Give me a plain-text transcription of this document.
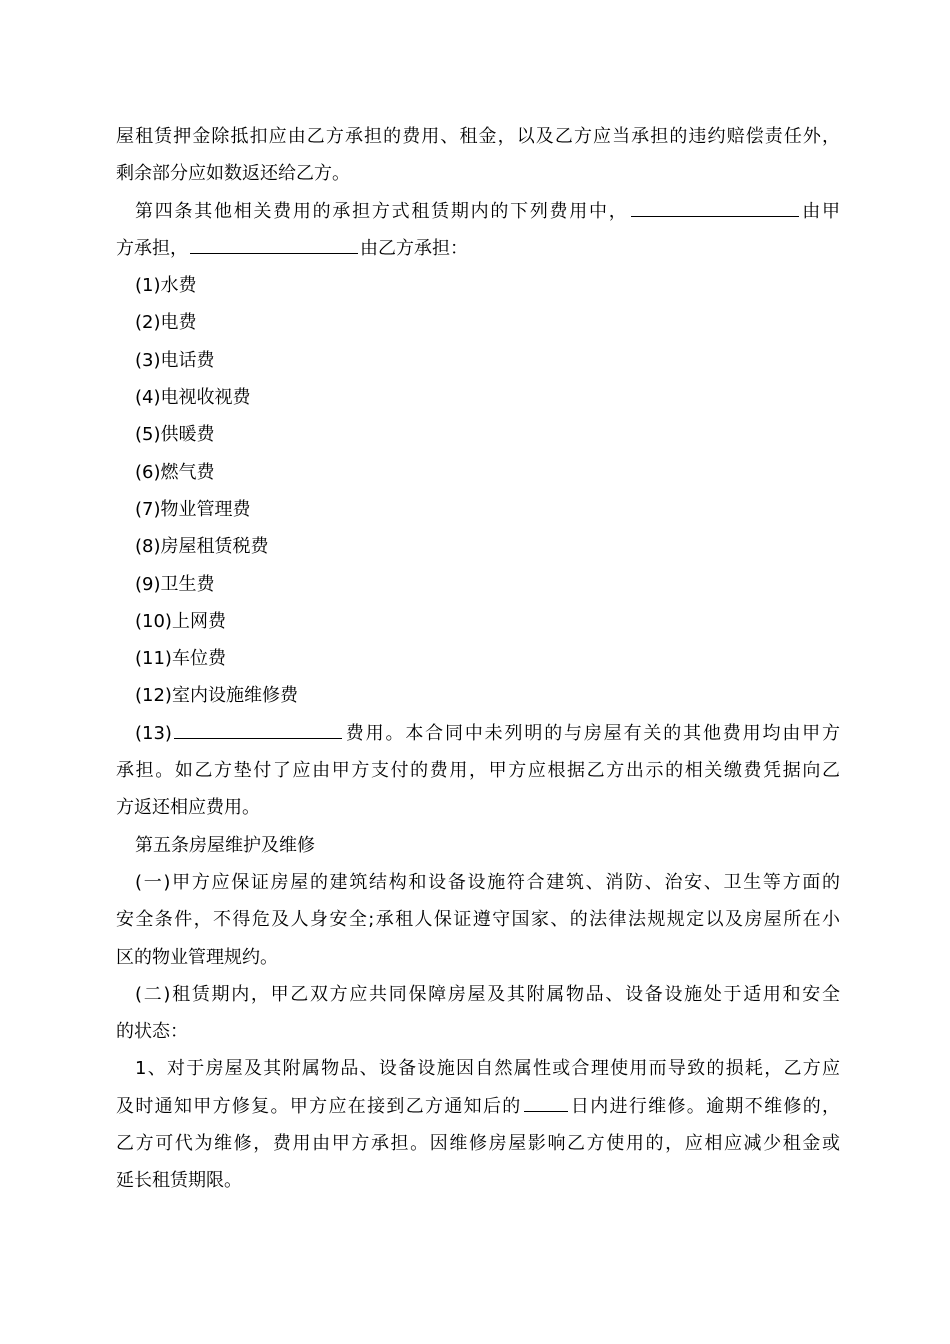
屋租赁押金除抵扣应由乙方承担的费用、租金，以及乙方应当承担的违约赔偿责任外，
剩余部分应如数返还给乙方。
第四条其他相关费用的承担方式租赁期内的下列费用中，	由甲
方承担，	由乙方承担：
(1)水费
(2)电费
(3)电话费
(4)电视收视费
(5)供暖费
(6)燃气费
(7)物业管理费
(8)房屋租赁税费
(9)卫生费
(10)上网费
(11)车位费
(12)室内设施维修费
(13)	费用。本合同中未列明的与房屋有关的其他费用均由甲方
承担。如乙方垫付了应由甲方支付的费用，甲方应根据乙方出示的相关缴费凭据向乙
方返还相应费用。
第五条房屋维护及维修
(一)甲方应保证房屋的建筑结构和设备设施符合建筑、消防、治安、卫生等方面的
安全条件，不得危及人身安全;承租人保证遵守国家、的法律法规规定以及房屋所在小
区的物业管理规约。
(二)租赁期内，甲乙双方应共同保障房屋及其附属物品、设备设施处于适用和安全
的状态：
1、对于房屋及其附属物品、设备设施因自然属性或合理使用而导致的损耗，乙方应
及时通知甲方修复。甲方应在接到乙方通知后的	日内进行维修。逾期不维修的，
乙方可代为维修，费用由甲方承担。因维修房屋影响乙方使用的，应相应减少租金或
延长租赁期限。
